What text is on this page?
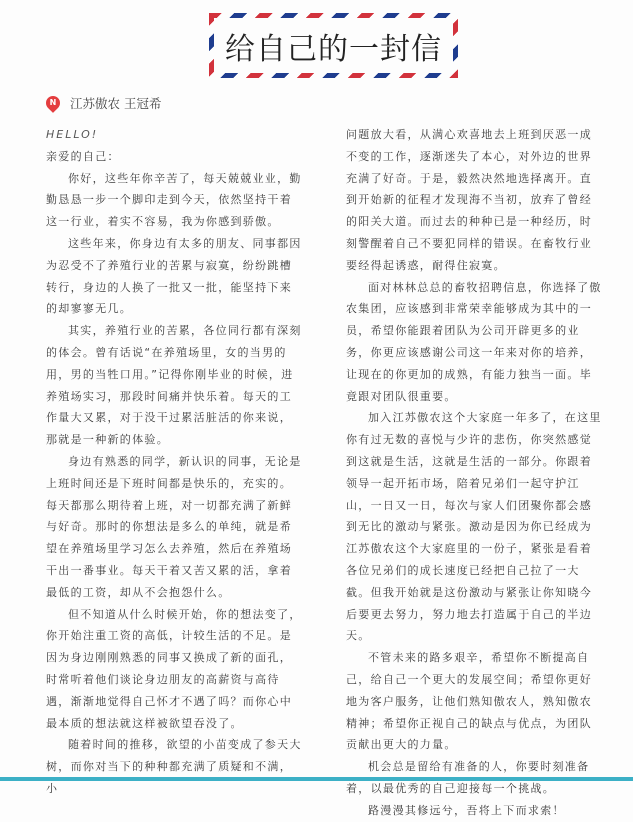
给自己的一封信
N 江苏傲农 王冠希

HELLO!

亲爱的自己：

你好，这些年你辛苦了，每天兢兢业业，勤勤恳恳一步一个脚印走到今天，依然坚持干着这一行业，着实不容易，我为你感到骄傲。

这些年来，你身边有太多的朋友、同事都因为忍受不了养殖行业的苦累与寂寞，纷纷跳槽转行，身边的人换了一批又一批，能坚持下来的却寥寥无几。

其实，养殖行业的苦累，各位同行都有深刻的体会。曾有话说“在养殖场里，女的当男的用，男的当牲口用。”记得你刚毕业的时候，进养殖场实习，那段时间痛并快乐着。每天的工作量大又累，对于没干过累活脏活的你来说，那就是一种新的体验。

身边有熟悉的同学，新认识的同事，无论是上班时间还是下班时间都是快乐的，充实的。每天都那么期待着上班，对一切都充满了新鲜与好奇。那时的你想法是多么的单纯，就是希望在养殖场里学习怎么去养殖，然后在养殖场干出一番事业。每天干着又苦又累的活，拿着最低的工资，却从不会抱怨什么。

但不知道从什么时候开始，你的想法变了，你开始注重工资的高低，计较生活的不足。是因为身边刚刚熟悉的同事又换成了新的面孔，时常听着他们谈论身边朋友的高薪资与高待遇，渐渐地觉得自己怀才不遇了吗？而你心中最本质的想法就这样被欲望吞没了。

随着时间的推移，欲望的小苗变成了参天大树，而你对当下的种种都充满了质疑和不满，小

问题放大看，从满心欢喜地去上班到厌恶一成不变的工作，逐渐迷失了本心，对外边的世界充满了好奇。于是，毅然决然地选择离开。直到开始新的征程才发现海不当初，放弃了曾经的阳关大道。而过去的种种已是一种经历，时刻警醒着自己不要犯同样的错误。在畜牧行业要经得起诱惑，耐得住寂寞。

面对林林总总的畜牧招聘信息，你选择了傲农集团，应该感到非常荣幸能够成为其中的一员，希望你能跟着团队为公司开辟更多的业务，你更应该感谢公司这一年来对你的培养，让现在的你更加的成熟，有能力独当一面。毕竟跟对团队很重要。

加入江苏傲农这个大家庭一年多了，在这里你有过无数的喜悦与少许的悲伤，你突然感觉到这就是生活，这就是生活的一部分。你跟着领导一起开拓市场，陪着兄弟们一起守护江山，一日又一日，每次与家人们团聚你都会感到无比的激动与紧张。激动是因为你已经成为江苏傲农这个大家庭里的一份子，紧张是看着各位兄弟们的成长速度已经把自己拉了一大截。但我开始就是这份激动与紧张让你知晓今后要更去努力，努力地去打造属于自己的半边天。

不管未来的路多艰辛，希望你不断提高自己，给自己一个更大的发展空间；希望你更好地为客户服务，让他们熟知傲农人，熟知傲农精神；希望你正视自己的缺点与优点，为团队贡献出更大的力量。

机会总是留给有准备的人，你要时刻准备着，以最优秀的自己迎接每一个挑战。

路漫漫其修远兮，吾将上下而求索！
